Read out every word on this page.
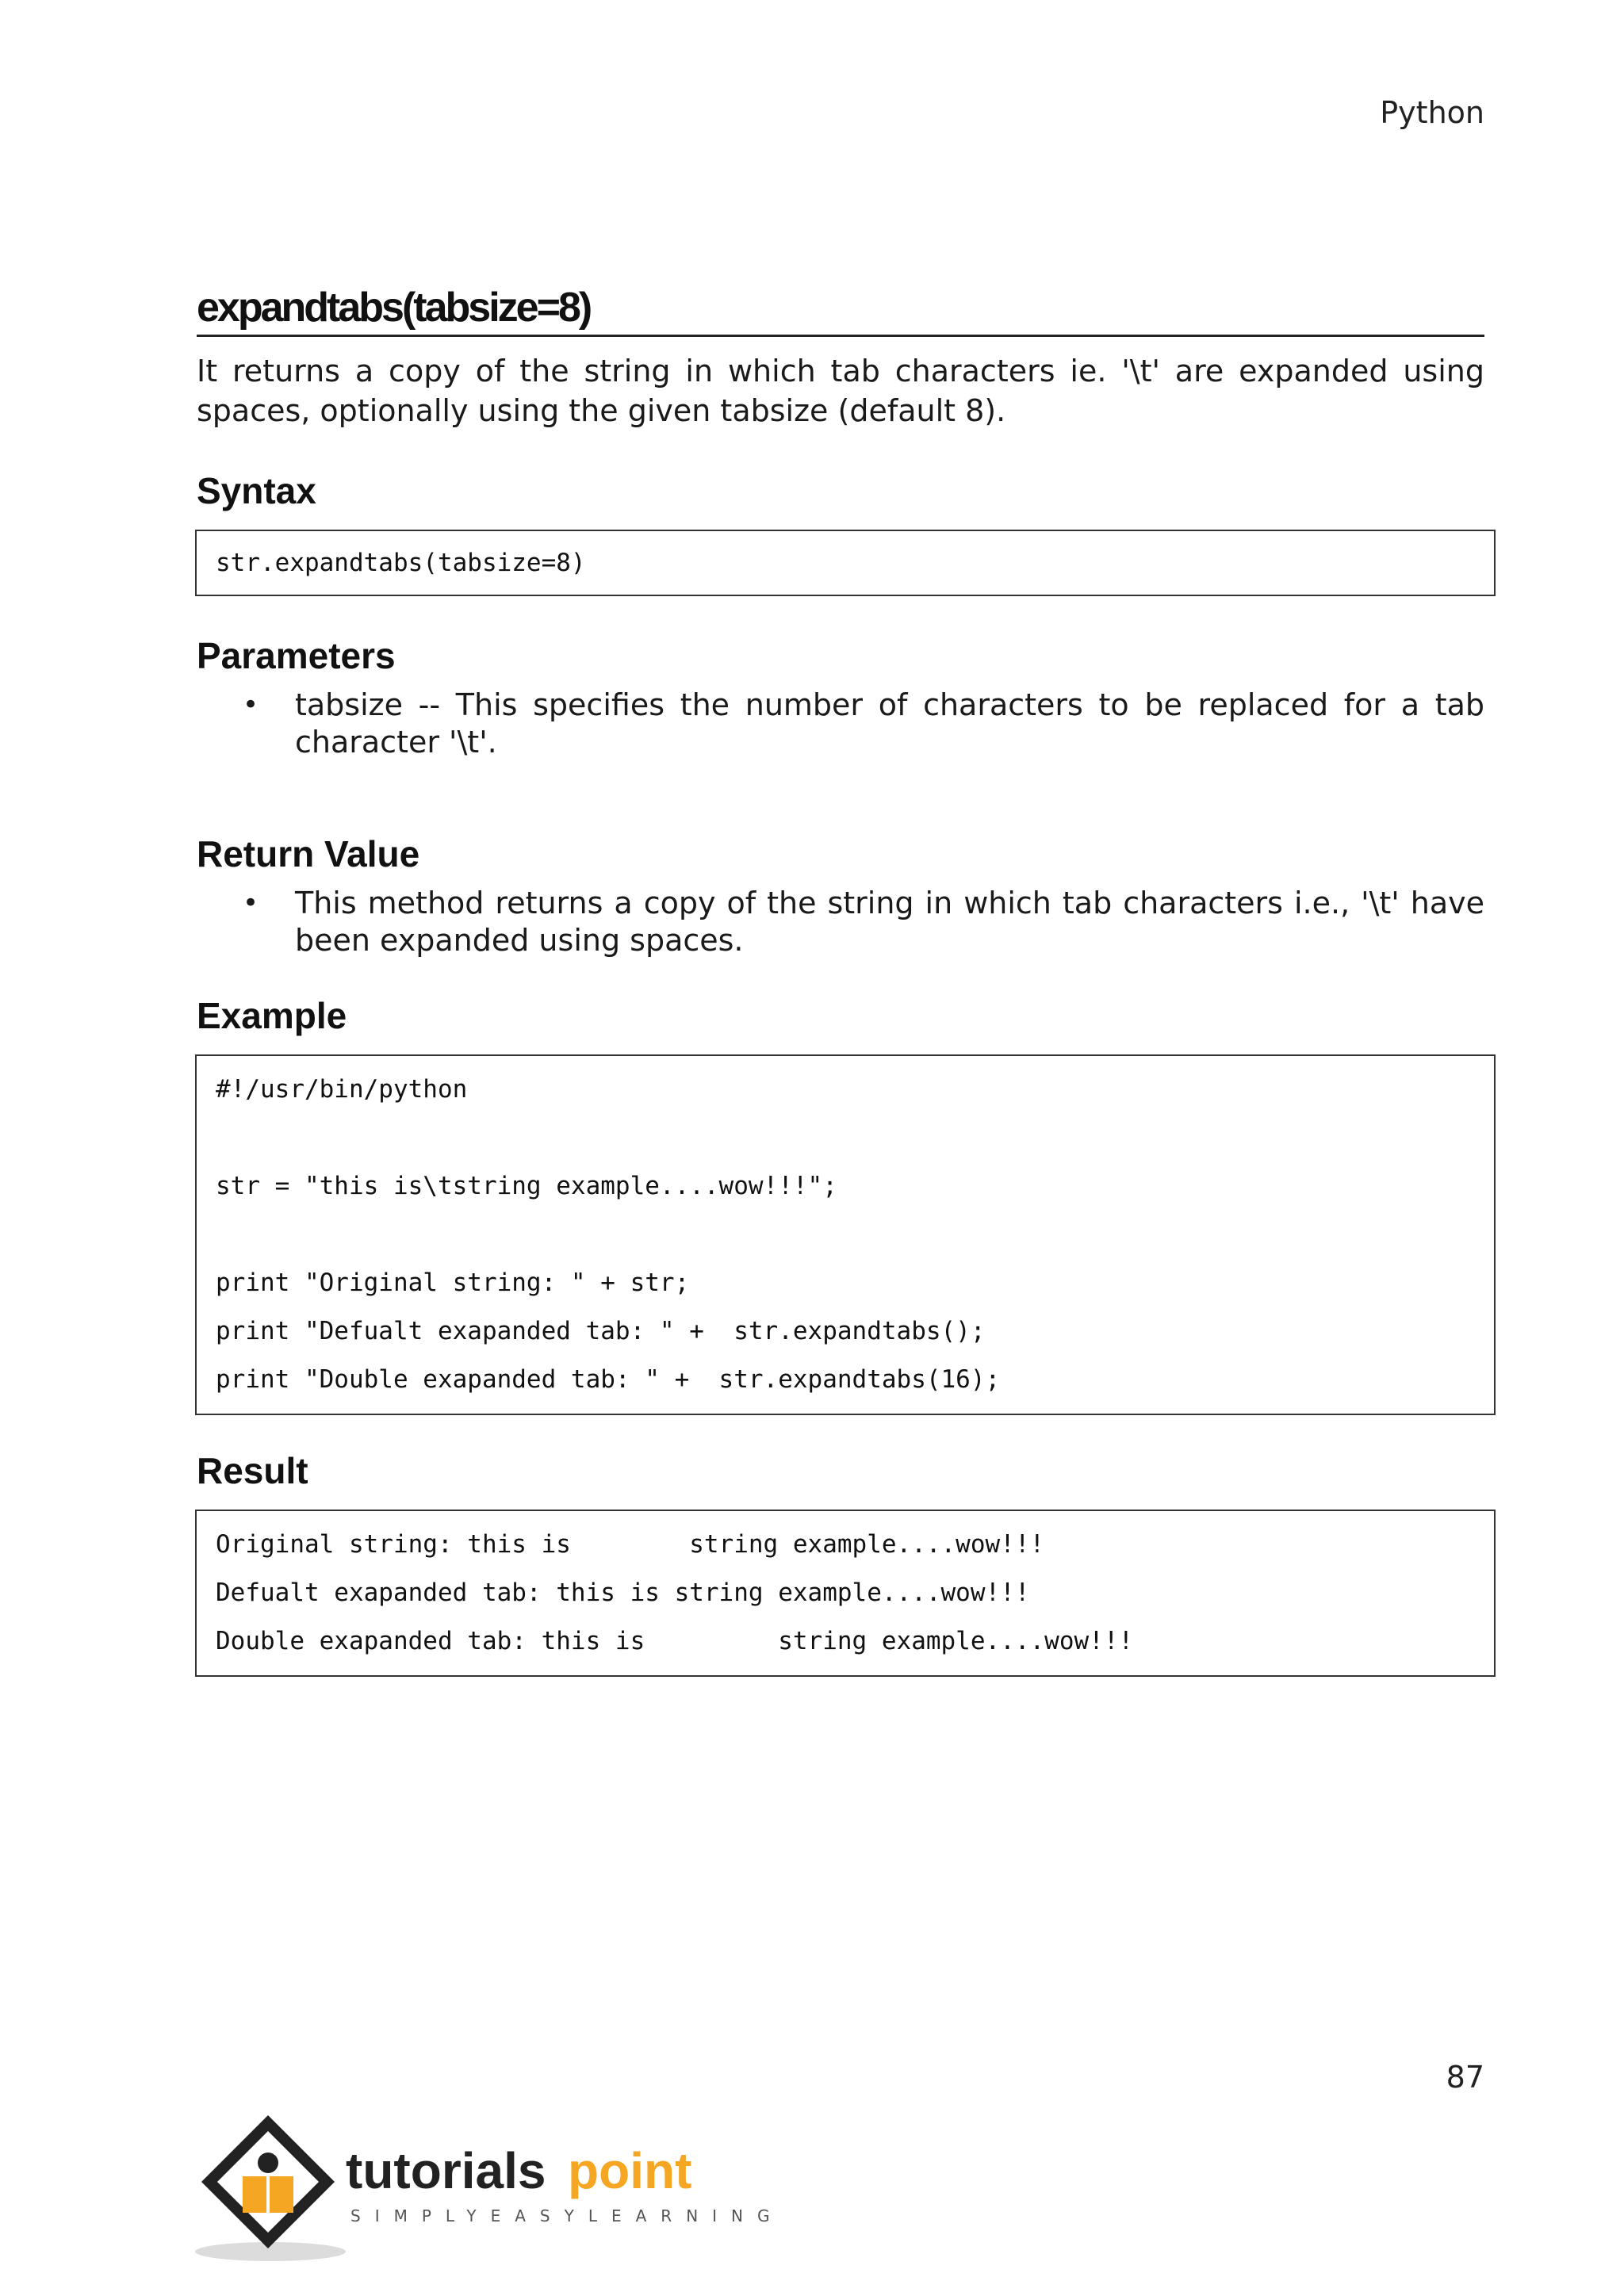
Python
expandtabs(tabsize=8)
It returns a copy of the string in which tab characters ie. '\t' are expanded using spaces, optionally using the given tabsize (default 8).
Syntax
str.expandtabs(tabsize=8)
Parameters
• tabsize -- This specifies the number of characters to be replaced for a tab character '\t'.
Return Value
• This method returns a copy of the string in which tab characters i.e., '\t' have been expanded using spaces.
Example
#!/usr/bin/python
str = "this is\tstring example....wow!!!";
print "Original string: " + str;
print "Defualt exapanded tab: " +  str.expandtabs();
print "Double exapanded tab: " +  str.expandtabs(16);
Result
Original string: this is        string example....wow!!!
Defualt exapanded tab: this is string example....wow!!!
Double exapanded tab: this is         string example....wow!!!
87
tutorials point
SIMPLYEASYLEARNING
